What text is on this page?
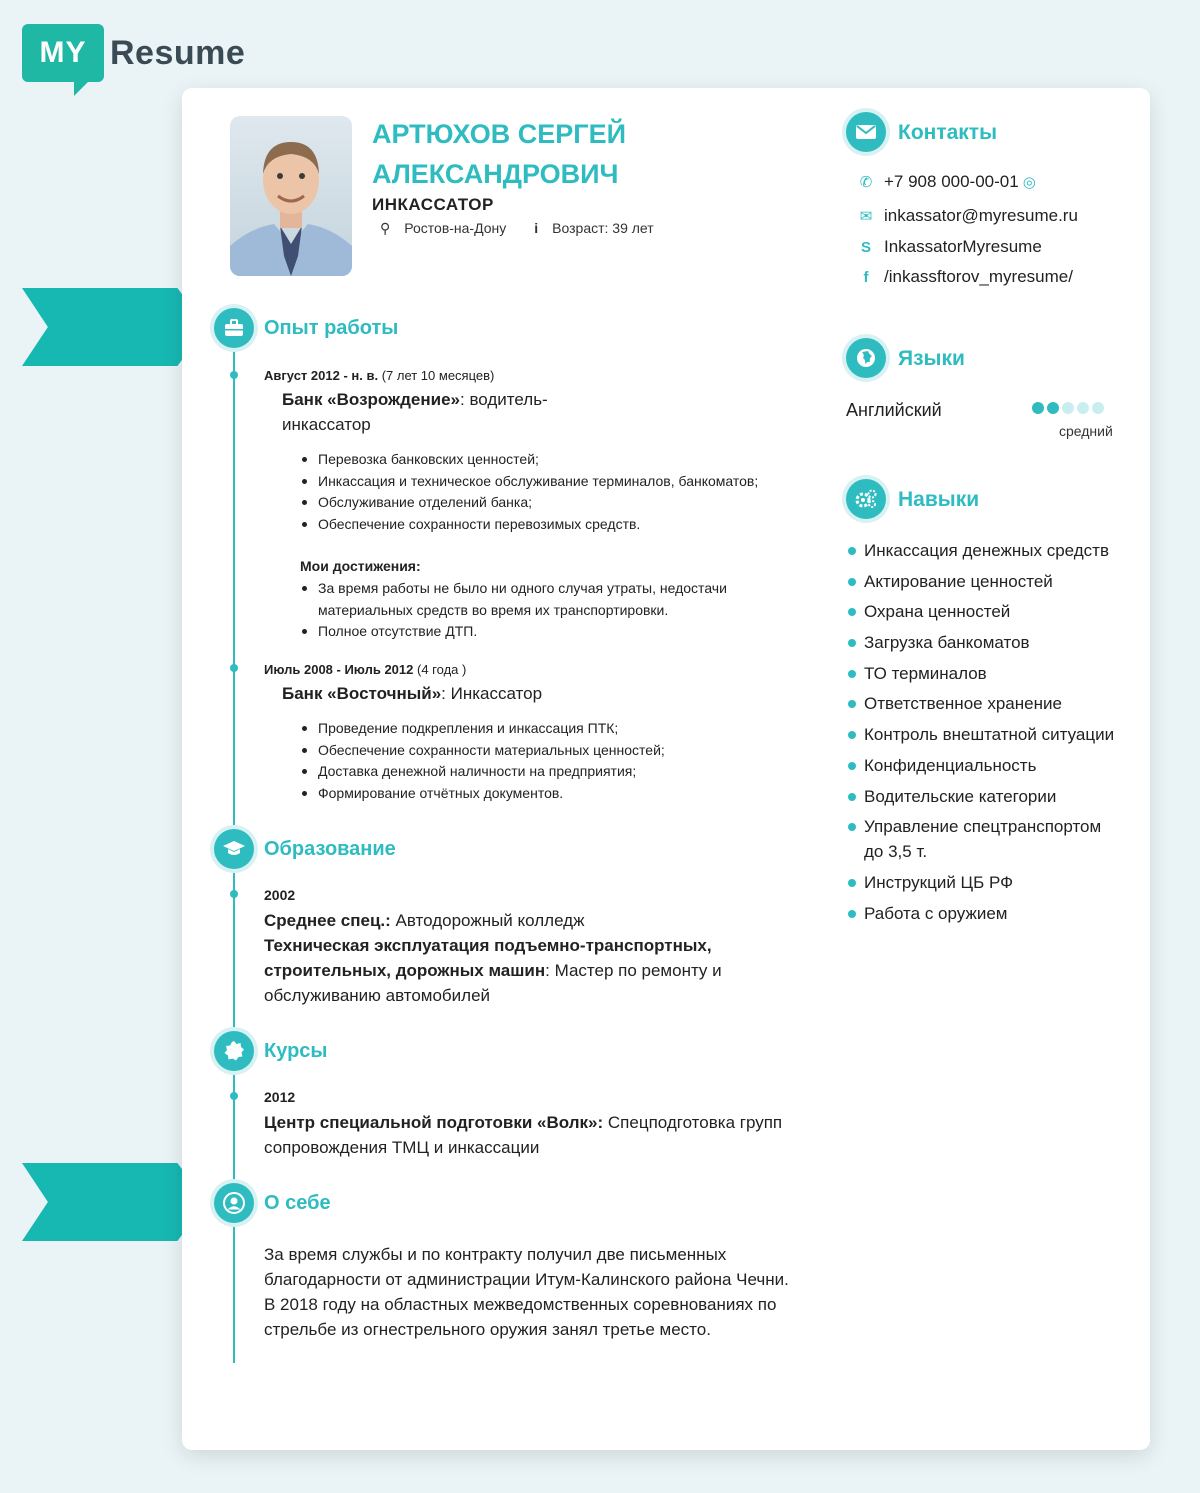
MY Resume
АРТЮХОВ СЕРГЕЙ АЛЕКСАНДРОВИЧ
ИНКАССАТОР
⚲ Ростов-на-Дону i Возраст: 39 лет
Опыт работы
Август 2012 - н. в. (7 лет 10 месяцев)
Банк «Возрождение»: водитель-инкассатор
Перевозка банковских ценностей;
Инкассация и техническое обслуживание терминалов, банкоматов;
Обслуживание отделений банка;
Обеспечение сохранности перевозимых средств.
Мои достижения:
За время работы не было ни одного случая утраты, недостачи материальных средств во время их транспортировки.
Полное отсутствие ДТП.
Июль 2008 - Июль 2012 (4 года )
Банк «Восточный»: Инкассатор
Проведение подкрепления и инкассация ПТК;
Обеспечение сохранности материальных ценностей;
Доставка денежной наличности на предприятия;
Формирование отчётных документов.
Образование
2002
Среднее спец.: Автодорожный колледж
Техническая эксплуатация подъемно-транспортных, строительных, дорожных машин: Мастер по ремонту и обслуживанию автомобилей
Курсы
2012
Центр специальной подготовки «Волк»: Спецподготовка групп сопровождения ТМЦ и инкассации
О себе
За время службы и по контракту получил две письменных благодарности от администрации Итум-Калинского района Чечни.
В 2018 году на областных межведомственных соревнованиях по стрельбе из огнестрельного оружия занял третье место.
Контакты
✆ +7 908 000-00-01 ◎
✉ inkassator@myresume.ru
S InkassatorMyresume
f /inkassftorov_myresume/
Языки
Английский
средний
Навыки
Инкассация денежных средств
Актирование ценностей
Охрана ценностей
Загрузка банкоматов
ТО терминалов
Ответственное хранение
Контроль внештатной ситуации
Конфиденциальность
Водительские категории
Управление спецтранспортом до 3,5 т.
Инструкций ЦБ РФ
Работа с оружием
